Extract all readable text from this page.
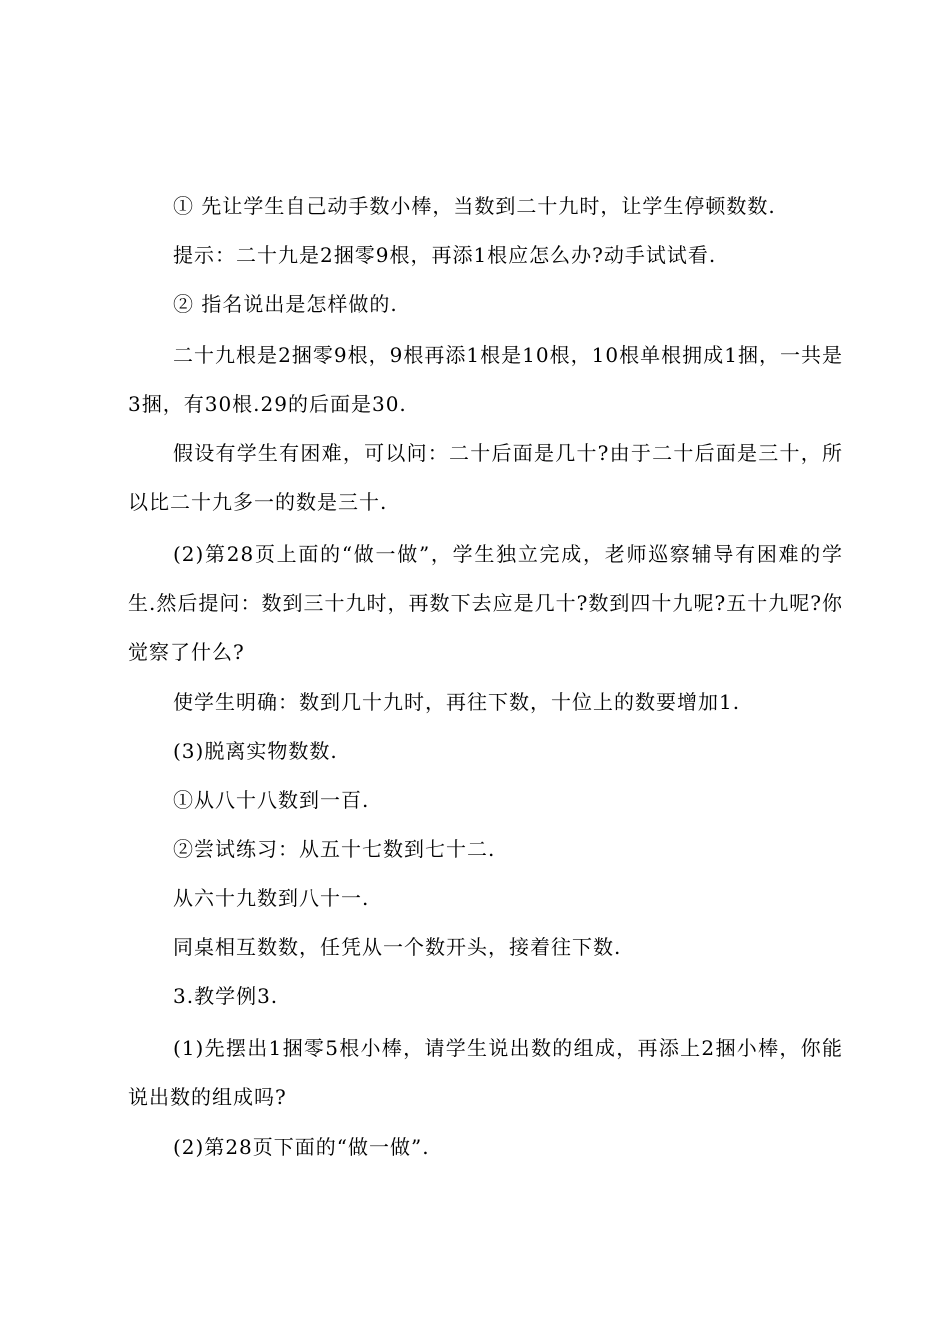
① 先让学生自己动手数小棒，当数到二十九时，让学生停顿数数.

提示：二十九是2捆零9根，再添1根应怎么办?动手试试看.

② 指名说出是怎样做的.

二十九根是2捆零9根，9根再添1根是10根，10根单根拥成1捆，一共是3捆，有30根.29的后面是30.

假设有学生有困难，可以问：二十后面是几十?由于二十后面是三十，所以比二十九多一的数是三十.

(2)第28页上面的“做一做”，学生独立完成，老师巡察辅导有困难的学生.然后提问：数到三十九时，再数下去应是几十?数到四十九呢?五十九呢?你觉察了什么?

使学生明确：数到几十九时，再往下数，十位上的数要增加1.

(3)脱离实物数数.

①从八十八数到一百.

②尝试练习：从五十七数到七十二.

从六十九数到八十一.

同桌相互数数，任凭从一个数开头，接着往下数.

3.教学例3.

(1)先摆出1捆零5根小棒，请学生说出数的组成，再添上2捆小棒，你能说出数的组成吗?

(2)第28页下面的“做一做”.
